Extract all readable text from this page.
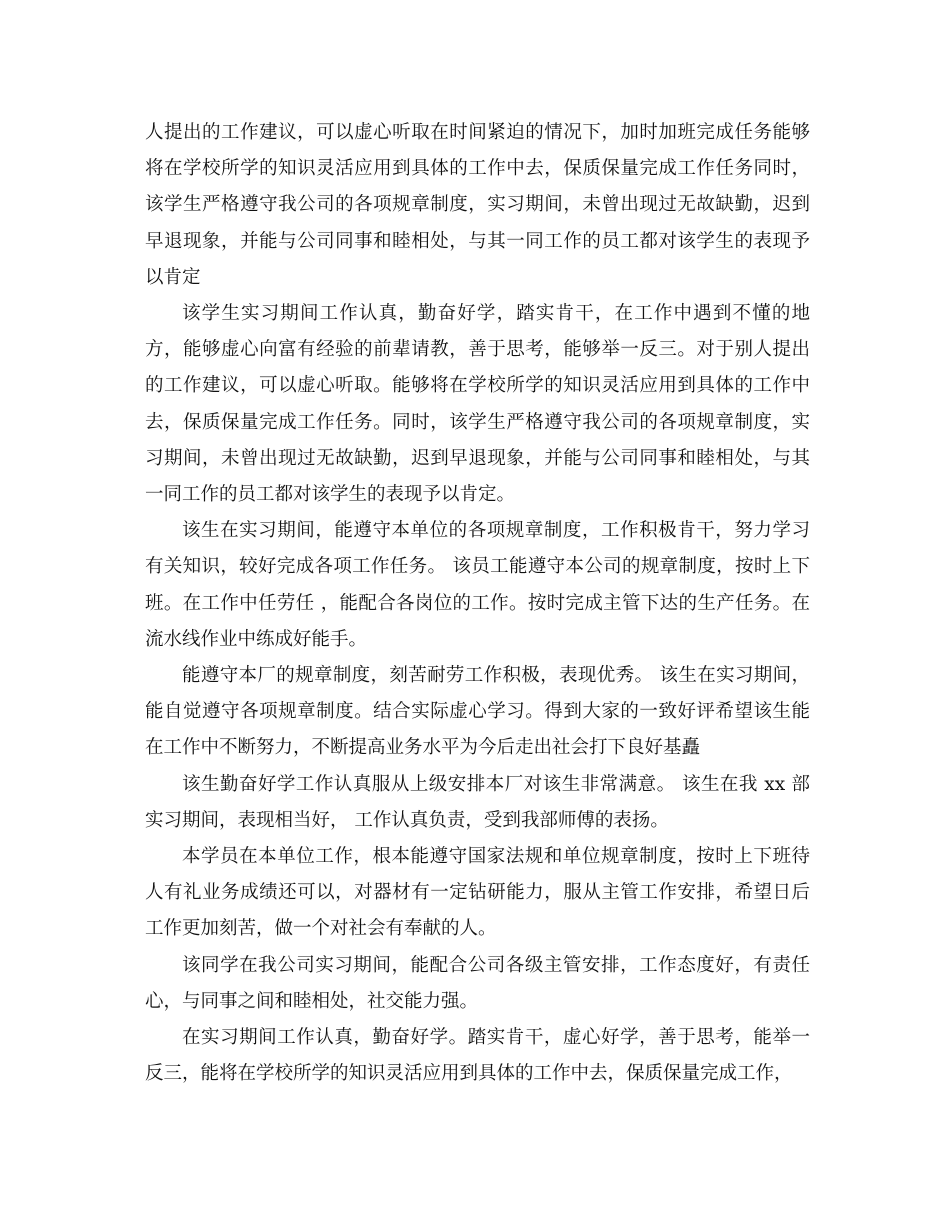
人提出的工作建议，可以虚心听取在时间紧迫的情况下，加时加班完成任务能够将在学校所学的知识灵活应用到具体的工作中去，保质保量完成工作任务同时，该学生严格遵守我公司的各项规章制度，实习期间，未曾出现过无故缺勤，迟到早退现象，并能与公司同事和睦相处，与其一同工作的员工都对该学生的表现予以肯定

该学生实习期间工作认真，勤奋好学，踏实肯干，在工作中遇到不懂的地方，能够虚心向富有经验的前辈请教，善于思考，能够举一反三。对于别人提出的工作建议，可以虚心听取。能够将在学校所学的知识灵活应用到具体的工作中去，保质保量完成工作任务。同时，该学生严格遵守我公司的各项规章制度，实习期间，未曾出现过无故缺勤，迟到早退现象，并能与公司同事和睦相处，与其一同工作的员工都对该学生的表现予以肯定。

该生在实习期间，能遵守本单位的各项规章制度，工作积极肯干，努力学习有关知识，较好完成各项工作任务。 该员工能遵守本公司的规章制度，按时上下班。在工作中任劳任 ，能配合各岗位的工作。按时完成主管下达的生产任务。在流水线作业中练成好能手。

能遵守本厂的规章制度，刻苦耐劳工作积极，表现优秀。 该生在实习期间，能自觉遵守各项规章制度。结合实际虚心学习。得到大家的一致好评希望该生能在工作中不断努力，不断提高业务水平为今后走出社会打下良好基矗

该生勤奋好学工作认真服从上级安排本厂对该生非常满意。 该生在我 xx 部实习期间，表现相当好， 工作认真负责，受到我部师傅的表扬。

本学员在本单位工作，根本能遵守国家法规和单位规章制度，按时上下班待人有礼业务成绩还可以，对器材有一定钻研能力，服从主管工作安排，希望日后工作更加刻苦，做一个对社会有奉献的人。

该同学在我公司实习期间，能配合公司各级主管安排，工作态度好，有责任心，与同事之间和睦相处，社交能力强。

在实习期间工作认真，勤奋好学。踏实肯干，虚心好学，善于思考，能举一反三，能将在学校所学的知识灵活应用到具体的工作中去，保质保量完成工作，
